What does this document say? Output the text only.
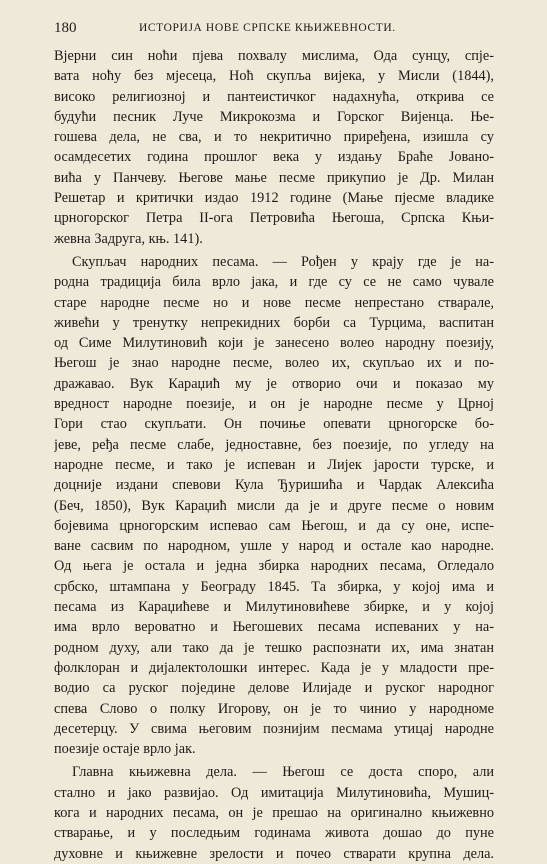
180	ИСТОРИЈА НОВЕ СРПСКЕ КЊИЖЕВНОСТИ.
Вјерни син ноћи пјева похвалу мислима, Ода сунцу, спје-
вата ноћу без мјесеца, Ноћ скупља вијека, у Мисли (1844),
високо религиозној и пантеистичког надахнућа, открива се
будући песник Луче Микрокозма и Горског Вијенца. Ње-
гошева дела, не сва, и то некритично приређена, изишла су
осамдесетих година прошлог века у издању Браће Јовано-
вића у Панчеву. Његове мање песме прикупио је Др. Милан
Решетар и критички издао 1912 године (Мање пјесме владике
црногорског Петра II-ога Петровића Његоша, Српска Књи-
жевна Задруга, књ. 141).
Скупљач народних песама. — Рођен у крају где је на-
родна традиција била врло јака, и где су се не само чувале
старе народне песме но и нове песме непрестано стварале,
живећи у тренутку непрекидних борби са Турцима, васпитан
од Симе Милутиновић који је занесено волео народну поезију,
Његош је знао народне песме, волео их, скупљао их и по-
дражавао. Вук Караџић му је отворио очи и показао му
вредност народне поезије, и он је народне песме у Црној
Гори стао скупљати. Он почиње опевати црногорске бо-
јеве, ређа песме слабе, једноставне, без поезије, по угледу на
народне песме, и тако је испеван и Лијек јарости турске, и
доцније издани спевови Кула Ђуришића и Чардак Алексића
(Беч, 1850), Вук Караџић мисли да је и друге песме о новим
бојевима црногорским испевао сам Његош, и да су оне, испе-
ване сасвим по народном, ушле у народ и остале као народне.
Од њега је остала и једна збирка народних песама, Огледало
србско, штампана у Београду 1845. Та збирка, у којој има и
песама из Караџићеве и Милутиновићеве збирке, и у којој
има врло вероватно и Његошевих песама испеваних у на-
родном духу, али тако да је тешко распознати их, има знатан
фолклоран и дијалектолошки интерес. Када је у младости пре-
водио са руског поједине делове Илијаде и руског народног
спева Слово о полку Игорову, он је то чинио у народноме
десетерцу. У свима његовим познијим песмама утицај народне
поезије остаје врло јак.
Главна књижевна дела. — Његош се доста споро, али
стално и јако развијао. Од имитација Милутиновића, Мушиц-
кога и народних песама, он је прешао на оригинално књижевно
стварање, и у последњим годинама живота дошао до пуне
духовне и књижевне зрелости и почео стварати крупна дела.
